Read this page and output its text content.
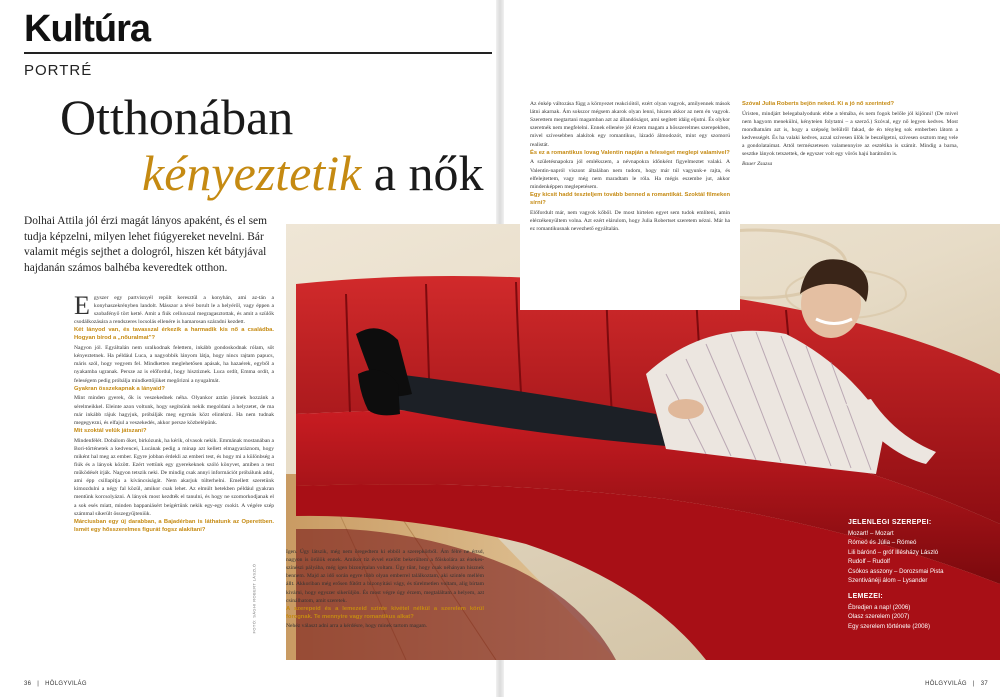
Kultúra
PORTRÉ
Otthonában
kényeztetik a nők

Dolhai Attila jól érzi magát lányos apaként, és el sem tudja képzelni, milyen lehet fiúgyereket nevelni. Bár valamit mégis sejthet a dologról, hiszen két bátyjával hajdanán számos balhéba keveredtek otthon.

Egyszer egy partvisnyél repült keresztül a konyhán, ami az-tán a konyhaszekrényben landolt. Másszor a tévé borult le a helyéről, vagy éppen a szobafényő tört ketté. Amit a fiúk celluxszal megragasztottak, és amit a szülők csodálkozására a rendszeres locsolás ellenére is hamarosan száradni kezdett.

Két lányod van, és tavasszal érkezik a harmadik kis nő a családba. Hogyan bírod a „nőuralmat"?

Nagyon jól. Egyáltalán nem uralkodnak felettem, inkább gondoskodnak rólam, sőt kényeztetnek. Ha például Luca, a nagyobbik lányom látja, hogy nincs rajtam papucs, máris szól, hogy vegyem fel. Mindketten meglehetősen apásak, ha hazaérek, egyből a nyakamba ugranak. Persze az is előfordul, hogy hisztiznek. Luca ordít, Emma ordít, a feleségem pedig próbálja mindkettőjüket megőrizni a nyugalmát.

Gyakran összekapnak a lányaid?

Mint minden gyerek, ők is veszekednek néha. Olyankor aztán jönnek hozzánk a sérelmeikkel. Eleinte azon voltunk, hogy segítsünk nekik megoldani a helyzetet, de ma már inkább rájuk hagyjuk, próbálják meg egymás közt elintézni. Ha nem tudnak megegyezni, és elfajul a veszekedés, akkor persze közbelépünk.

Mit szoktál velük játszani?

Mindenfélét. Dobálom őket, birkózunk, ha kérik, olvasok nekik. Emmának mostanában a Bori-történetek a kedvencei, Lucának pedig a minap azt kellett elmagyaráznom, hogy miként hal meg az ember. Egyre jobban érdekli az emberi test, és hogy mi a különbség a fiúk és a lányok között. Ezért vettünk egy gyerekeknek szóló könyvet, amiben a test működését írják. Nagyon tetszik neki. De mindig csak annyi információt próbálunk adni, ami épp csillapítja a kíváncsiságát. Nem akarjuk túlterhelni. Emellett szeretünk kimozdulni a négy fal közül, amikor csak lehet. Az elmúlt hetekben például gyakran mentünk korcsolyázni. A lányok most kezdték el tanulni, és hogy ne szomorkodjanak el a sok esés miatt, minden bappaniásért beígértünk nekik egy-egy csokit. A végére szép számmal sikerült összegyűjteniük.

Márciusban egy új darabban, a Bajadérban is láthatunk az Operettben. Ismét egy hősszerelmes figurát fogsz alakítani?

FOTÓ: SÁGHI ROBERT LÁSZLÓ

Az énkép változása függ a környezet reakcióitól, ezért olyan vagyok, amilyennek mások látni akarnak. Ám sokszor mégsem akarok olyan lenni, hiszen akkor az nem én vagyok. Szerettem megtartani magamban azt az állandóságot, ami segített idáig eljutni. És olykor szeretnék nem megfelelni. Ennek ellenére jól érzem magam a hősszerelmes szerepekben, mivel szívesebben alakítok egy romantikus, lázadó álmodozót, mint egy szomorú realistát.

És ez a romantikus lovag Valentin napján a feleséget meglepi valamivel?

A születésnapokra jól emlékszem, a névnapokra időnként figyelmeztet valaki. A Valentin-napról viszont általában nem tudom, hogy már túl vagyunk-e rajta, és elfelejtettem, vagy még nem maradtam le róla. Ha mégis eszembe jut, akkor mindenképpen meglepetésem.

Egy kicsit hadd teszteljem tovább benned a romantikát. Szoktál filmeken sírni?

Előfordult már, nem vagyok kőből. De most hirtelen egyet sem tudok említeni, amin elérzékenyültem volna. Azt ezért elárulom, hogy Julia Robertset szeretem nézni. Már ha ez romantikusnak nevezhető egyáltalán.

Szóval Julia Roberts bejön neked. Ki a jó nő szerinted?

Úristen, mindjárt belegabalyodunk ebbe a témába, és nem fogok belőle jól kijönni! (De mivel nem hagyom menekülni, kényteien folytatni – a szerző.) Szóval, egy nő legyen kedves. Most mondhatnám azt is, hogy a szépség belülről fakad, de én tényleg sok emberben látom a kedvességét. És ha valaki kedves, azzal szívesen ülök le beszélgetni, szívesen osztom meg vele a gondolataimat. Attól természetesen valamennyire az esztétika is számít. Mindig a barna, sesztke lányok tetszettek, de egyszer volt egy vörös hajú barátnőm is.

Bauer Zsuzsa

Igen. Úgy látszik, még nem öregedtem ki ebből a szerepkörből. Ám félre ne értsd, nagyon is örülök ennek. Amikor tíz évvel ezelőtt bekerültem a főiskolára az énekes-színészi pályába, még igen bizonytalan voltam. Úgy tűnt, hogy csak néhányan hisznek bennem. Majd az idő során egyre több olyan emberrel találkoztam, aki szintén mellém állt. Akkoriban még erősen fűtött a bizonyítási vágy, és türelmetlen voltam, alig bírtam kivárni, hogy egyszer sikerüljön. És most végre úgy érzem, megtaláltam a helyem, azt csinálhatom, amit szeretek.

A szerepeid és a lemezeid szinte kivétel nélkül a szerelem körül forognak. Te mennyire vagy romantikus alkat?

Nehéz választ adni arra a kérdésre, hogy minek tartom magam.

JELENLEGI SZEREPEI:
Mozart! – Mozart
Rómeó és Júlia – Rómeó
Lili bárónő – gróf Illésházy László
Rudolf – Rudolf
Csókos asszony – Dorozsmai Pista
Szentivánéji álom – Lysander
LEMEZEI:
Ébredjen a nap! (2006)
Olasz szerelem (2007)
Egy szerelem története (2008)
36 | HÖLGYVILÁG	HÖLGYVILÁG | 37
